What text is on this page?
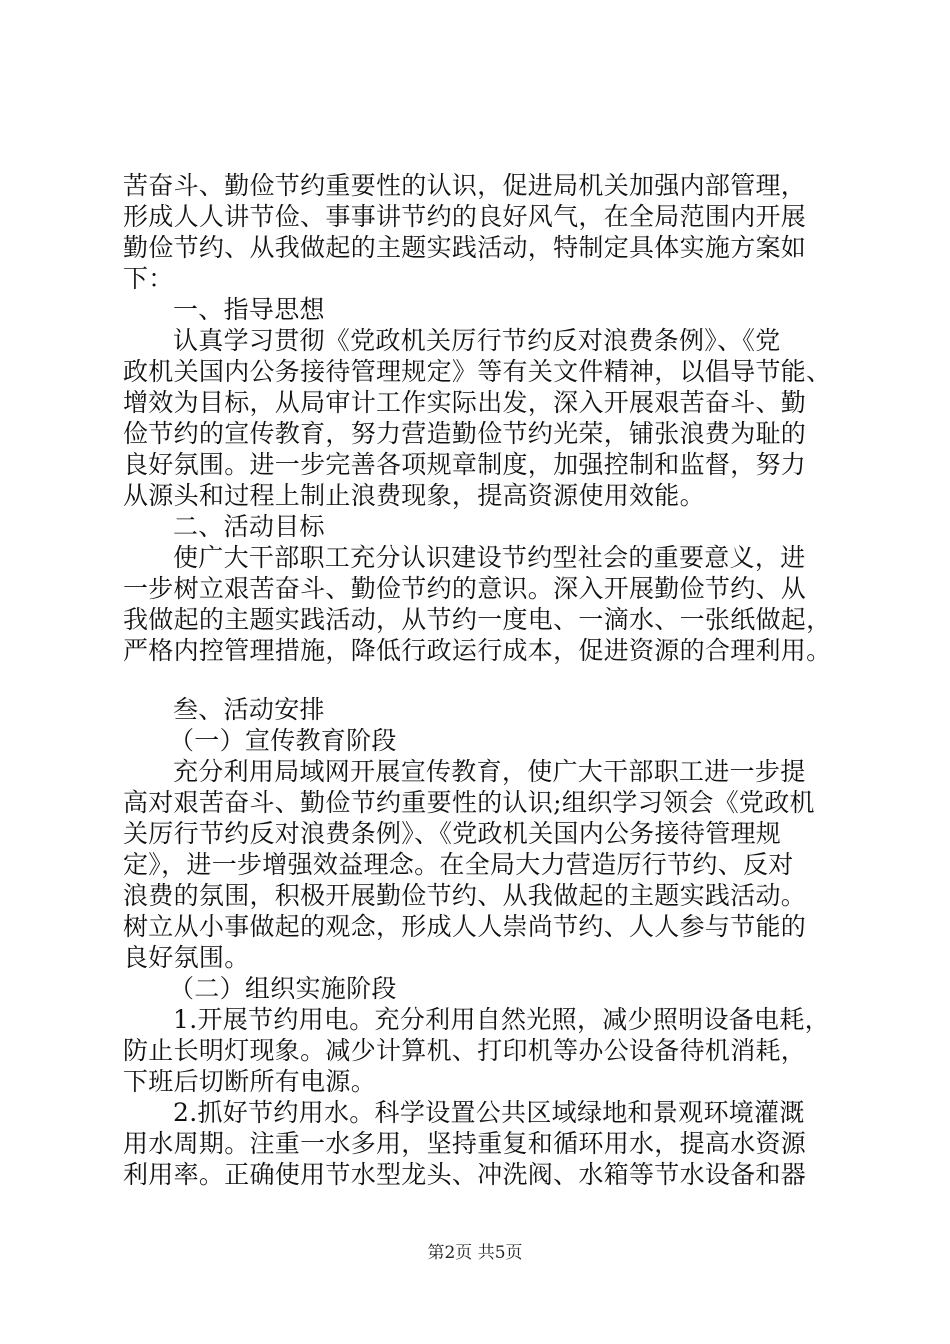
苦奋斗、勤俭节约重要性的认识，促进局机关加强内部管理，
形成人人讲节俭、事事讲节约的良好风气，在全局范围内开展
勤俭节约、从我做起的主题实践活动，特制定具体实施方案如
下：
一、指导思想
认真学习贯彻《党政机关厉行节约反对浪费条例》、《党
政机关国内公务接待管理规定》等有关文件精神，以倡导节能、
增效为目标，从局审计工作实际出发，深入开展艰苦奋斗、勤
俭节约的宣传教育，努力营造勤俭节约光荣，铺张浪费为耻的
良好氛围。进一步完善各项规章制度，加强控制和监督，努力
从源头和过程上制止浪费现象，提高资源使用效能。
二、活动目标
使广大干部职工充分认识建设节约型社会的重要意义，进
一步树立艰苦奋斗、勤俭节约的意识。深入开展勤俭节约、从
我做起的主题实践活动，从节约一度电、一滴水、一张纸做起，
严格内控管理措施，降低行政运行成本，促进资源的合理利用。
叁、活动安排
（一）宣传教育阶段
充分利用局域网开展宣传教育，使广大干部职工进一步提
高对艰苦奋斗、勤俭节约重要性的认识;组织学习领会《党政机
关厉行节约反对浪费条例》、《党政机关国内公务接待管理规
定》，进一步增强效益理念。在全局大力营造厉行节约、反对
浪费的氛围，积极开展勤俭节约、从我做起的主题实践活动。
树立从小事做起的观念，形成人人崇尚节约、人人参与节能的
良好氛围。
（二）组织实施阶段
1.开展节约用电。充分利用自然光照，减少照明设备电耗，
防止长明灯现象。减少计算机、打印机等办公设备待机消耗，
下班后切断所有电源。
2.抓好节约用水。科学设置公共区域绿地和景观环境灌溉
用水周期。注重一水多用，坚持重复和循环用水，提高水资源
利用率。正确使用节水型龙头、冲洗阀、水箱等节水设备和器
第2页 共5页
